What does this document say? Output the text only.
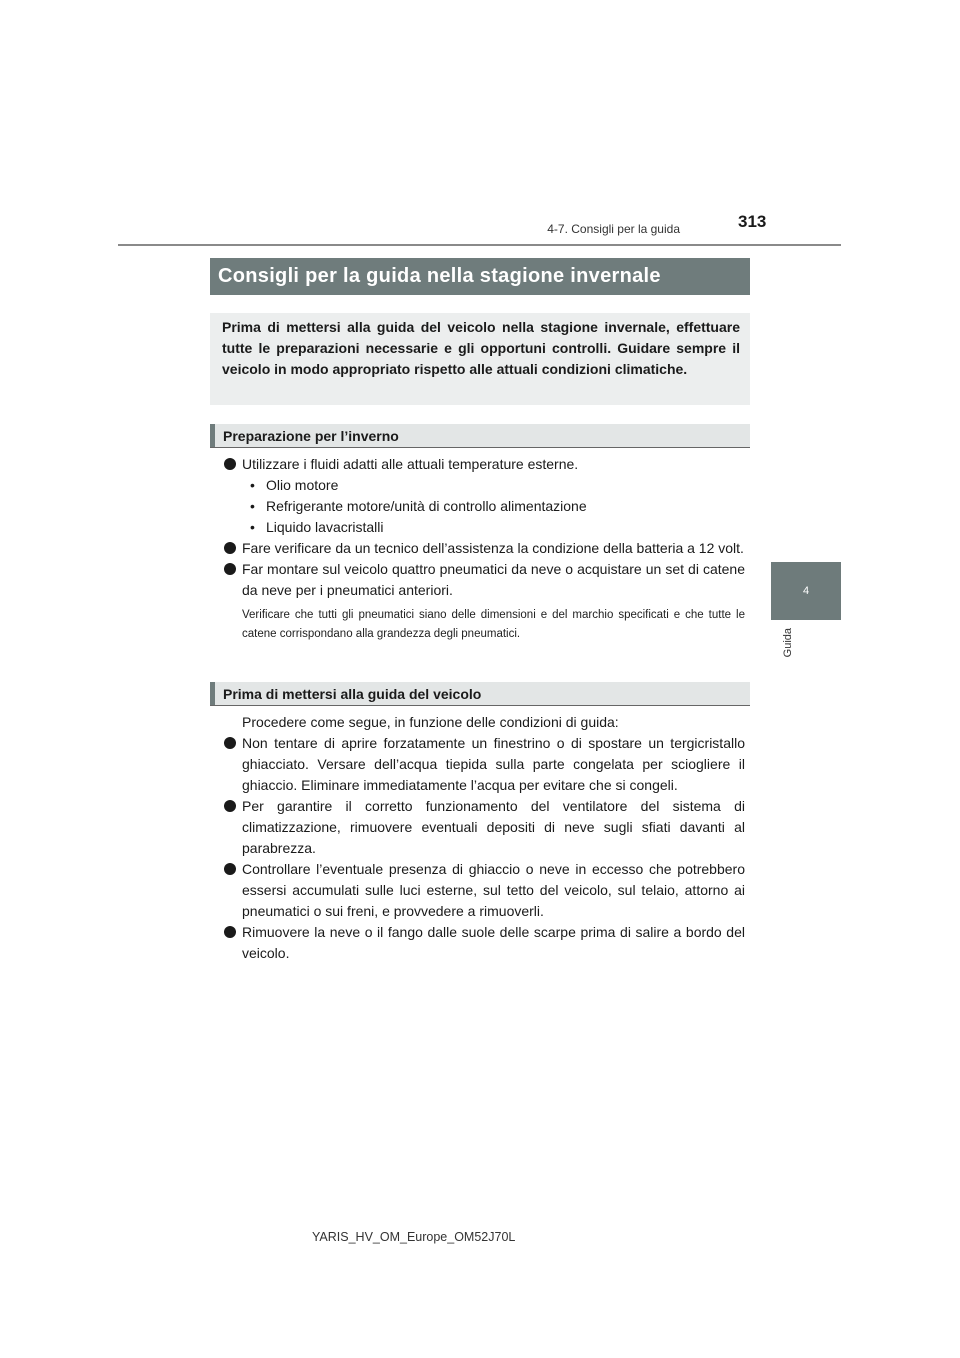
4-7. Consigli per la guida	313
4
Guida
Consigli per la guida nella stagione invernale
Prima di mettersi alla guida del veicolo nella stagione invernale, effettuare tutte le preparazioni necessarie e gli opportuni controlli. Guidare sempre il veicolo in modo appropriato rispetto alle attuali condizioni climatiche.
Preparazione per l’inverno
Utilizzare i fluidi adatti alle attuali temperature esterne.
• Olio motore
• Refrigerante motore/unità di controllo alimentazione
• Liquido lavacristalli
Fare verificare da un tecnico dell’assistenza la condizione della batteria a 12 volt.
Far montare sul veicolo quattro pneumatici da neve o acquistare un set di catene da neve per i pneumatici anteriori.
Verificare che tutti gli pneumatici siano delle dimensioni e del marchio specificati e che tutte le catene corrispondano alla grandezza degli pneumatici.
Prima di mettersi alla guida del veicolo
Procedere come segue, in funzione delle condizioni di guida:
Non tentare di aprire forzatamente un finestrino o di spostare un tergicristallo ghiacciato. Versare dell’acqua tiepida sulla parte congelata per sciogliere il ghiaccio. Eliminare immediatamente l’acqua per evitare che si congeli.
Per garantire il corretto funzionamento del ventilatore del sistema di climatizzazione, rimuovere eventuali depositi di neve sugli sfiati davanti al parabrezza.
Controllare l’eventuale presenza di ghiaccio o neve in eccesso che potrebbero essersi accumulati sulle luci esterne, sul tetto del veicolo, sul telaio, attorno ai pneumatici o sui freni, e provvedere a rimuoverli.
Rimuovere la neve o il fango dalle suole delle scarpe prima di salire a bordo del veicolo.
YARIS_HV_OM_Europe_OM52J70L
